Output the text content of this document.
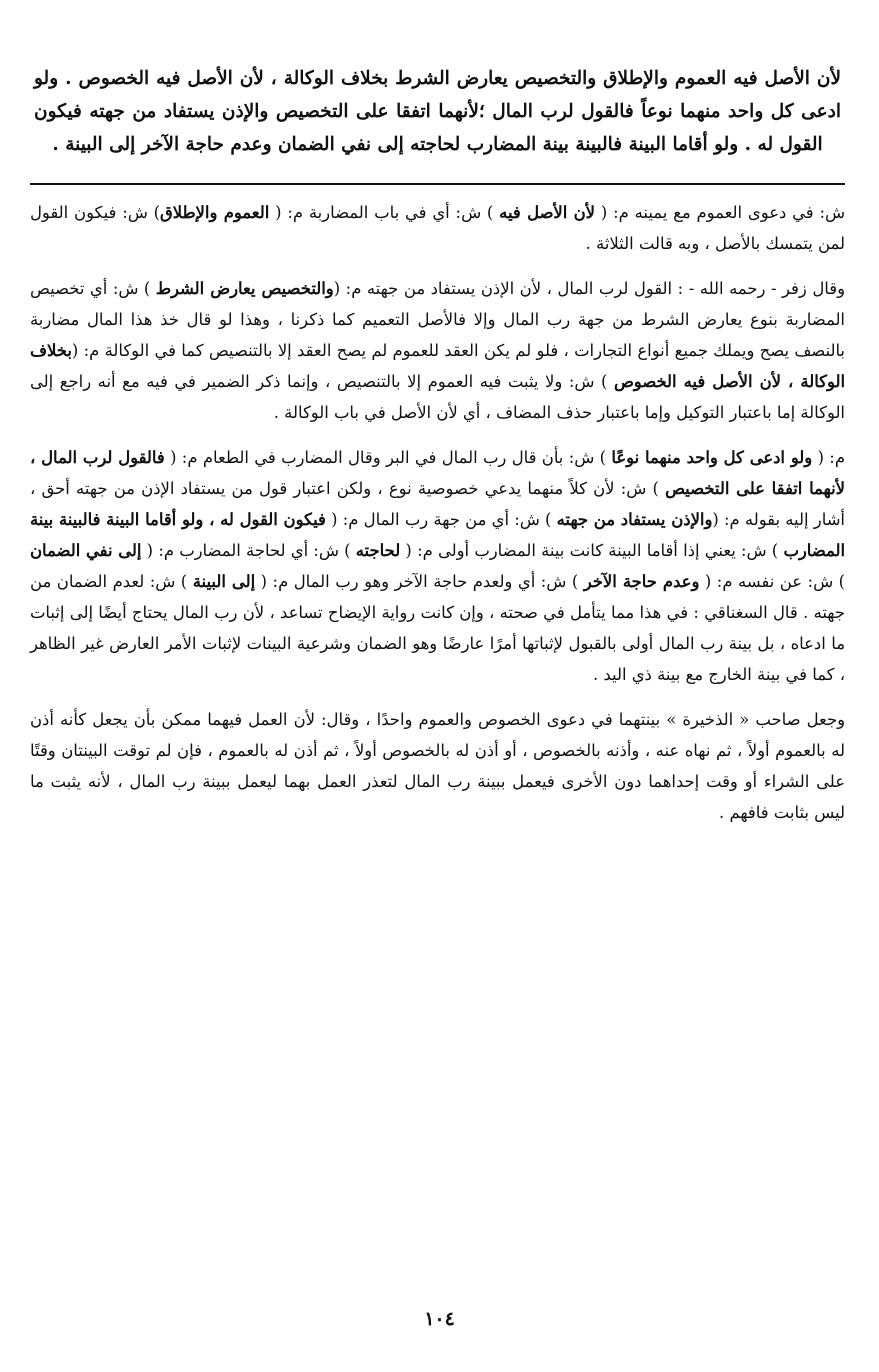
لأن الأصل فيه العموم والإطلاق والتخصيص يعارض الشرط بخلاف الوكالة ، لأن الأصل فيه الخصوص . ولو ادعى كل واحد منهما نوعاً فالقول لرب المال ؛لأنهما اتفقا على التخصيص والإذن يستفاد من جهته فيكون القول له . ولو أقاما البينة فالبينة بينة المضارب لحاجته إلى نفي الضمان وعدم حاجة الآخر إلى البينة .

ش: في دعوى العموم مع يمينه م: ( لأن الأصل فيه ) ش: أي في باب المضاربة م: ( العموم والإطلاق) ش: فيكون القول لمن يتمسك بالأصل ، وبه قالت الثلاثة .

وقال زفر - رحمه الله - : القول لرب المال ، لأن الإذن يستفاد من جهته م: (والتخصيص يعارض الشرط ) ش: أي تخصيص المضاربة بنوع يعارض الشرط من جهة رب المال وإلا فالأصل التعميم كما ذكرنا ، وهذا لو قال خذ هذا المال مضاربة بالنصف يصح ويملك جميع أنواع التجارات ، فلو لم يكن العقد للعموم لم يصح العقد إلا بالتنصيص كما في الوكالة م: (بخلاف الوكالة ، لأن الأصل فيه الخصوص ) ش: ولا يثبت فيه العموم إلا بالتنصيص ، وإنما ذكر الضمير في فيه مع أنه راجع إلى الوكالة إما باعتبار التوكيل وإما باعتبار حذف المضاف ، أي لأن الأصل في باب الوكالة .

م: ( ولو ادعى كل واحد منهما نوعًا ) ش: بأن قال رب المال في البر وقال المضارب في الطعام م: ( فالقول لرب المال ، لأنهما اتفقا على التخصيص ) ش: لأن كلاً منهما يدعي خصوصية نوع ، ولكن اعتبار قول من يستفاد الإذن من جهته أحق ، أشار إليه بقوله م: (والإذن يستفاد من جهته ) ش: أي من جهة رب المال م: ( فيكون القول له ، ولو أقاما البينة فالبينة بينة المضارب ) ش: يعني إذا أقاما البينة كانت بينة المضارب أولى م: ( لحاجته ) ش: أي لحاجة المضارب م: ( إلى نفي الضمان ) ش: عن نفسه م: ( وعدم حاجة الآخر ) ش: أي ولعدم حاجة الآخر وهو رب المال م: ( إلى البينة ) ش: لعدم الضمان من جهته . قال السغناقي : في هذا مما يتأمل في صحته ، وإن كانت رواية الإيضاح تساعد ، لأن رب المال يحتاج أيضًا إلى إثبات ما ادعاه ، بل بينة رب المال أولى بالقبول لإثباتها أمرًا عارضًا وهو الضمان وشرعية البينات لإثبات الأمر العارض غير الظاهر ، كما في بينة الخارج مع بينة ذي اليد .

وجعل صاحب « الذخيرة » بينتهما في دعوى الخصوص والعموم واحدًا ، وقال: لأن العمل فيهما ممكن بأن يجعل كأنه أذن له بالعموم أولاً ، ثم نهاه عنه ، وأذنه بالخصوص ، أو أذن له بالخصوص أولاً ، ثم أذن له بالعموم ، فإن لم توقت البينتان وقتًا على الشراء أو وقت إحداهما دون الأخرى فيعمل ببينة رب المال لتعذر العمل بهما ليعمل ببينة رب المال ، لأنه يثبت ما ليس بثابت فافهم .

١٠٤
